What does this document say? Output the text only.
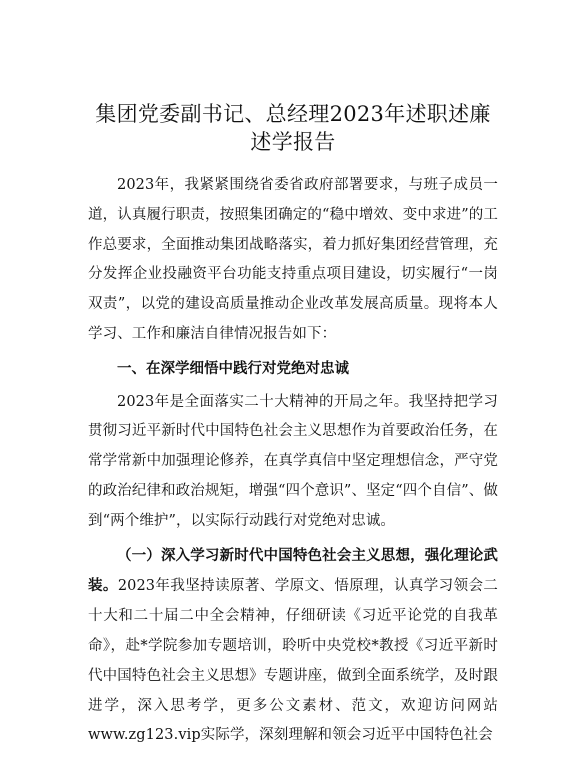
集团党委副书记、总经理2023年述职述廉述学报告

2023年，我紧紧围绕省委省政府部署要求，与班子成员一道，认真履行职责，按照集团确定的“稳中增效、变中求进”的工作总要求，全面推动集团战略落实，着力抓好集团经营管理，充分发挥企业投融资平台功能支持重点项目建设，切实履行“一岗双责”，以党的建设高质量推动企业改革发展高质量。现将本人学习、工作和廉洁自律情况报告如下：

一、在深学细悟中践行对党绝对忠诚

2023年是全面落实二十大精神的开局之年。我坚持把学习贯彻习近平新时代中国特色社会主义思想作为首要政治任务，在常学常新中加强理论修养，在真学真信中坚定理想信念，严守党的政治纪律和政治规矩，增强“四个意识”、坚定“四个自信”、做到“两个维护”，以实际行动践行对党绝对忠诚。

（一）深入学习新时代中国特色社会主义思想，强化理论武装。2023年我坚持读原著、学原文、悟原理，认真学习领会二十大和二十届二中全会精神，仔细研读《习近平论党的自我革命》，赴*学院参加专题培训，聆听中央党校*教授《习近平新时代中国特色社会主义思想》专题讲座，做到全面系统学，及时跟进学，深入思考学，更多公文素材、范文，欢迎访问网站www.zg123.vip实际学，深刻理解和领会习近平中国特色社会
